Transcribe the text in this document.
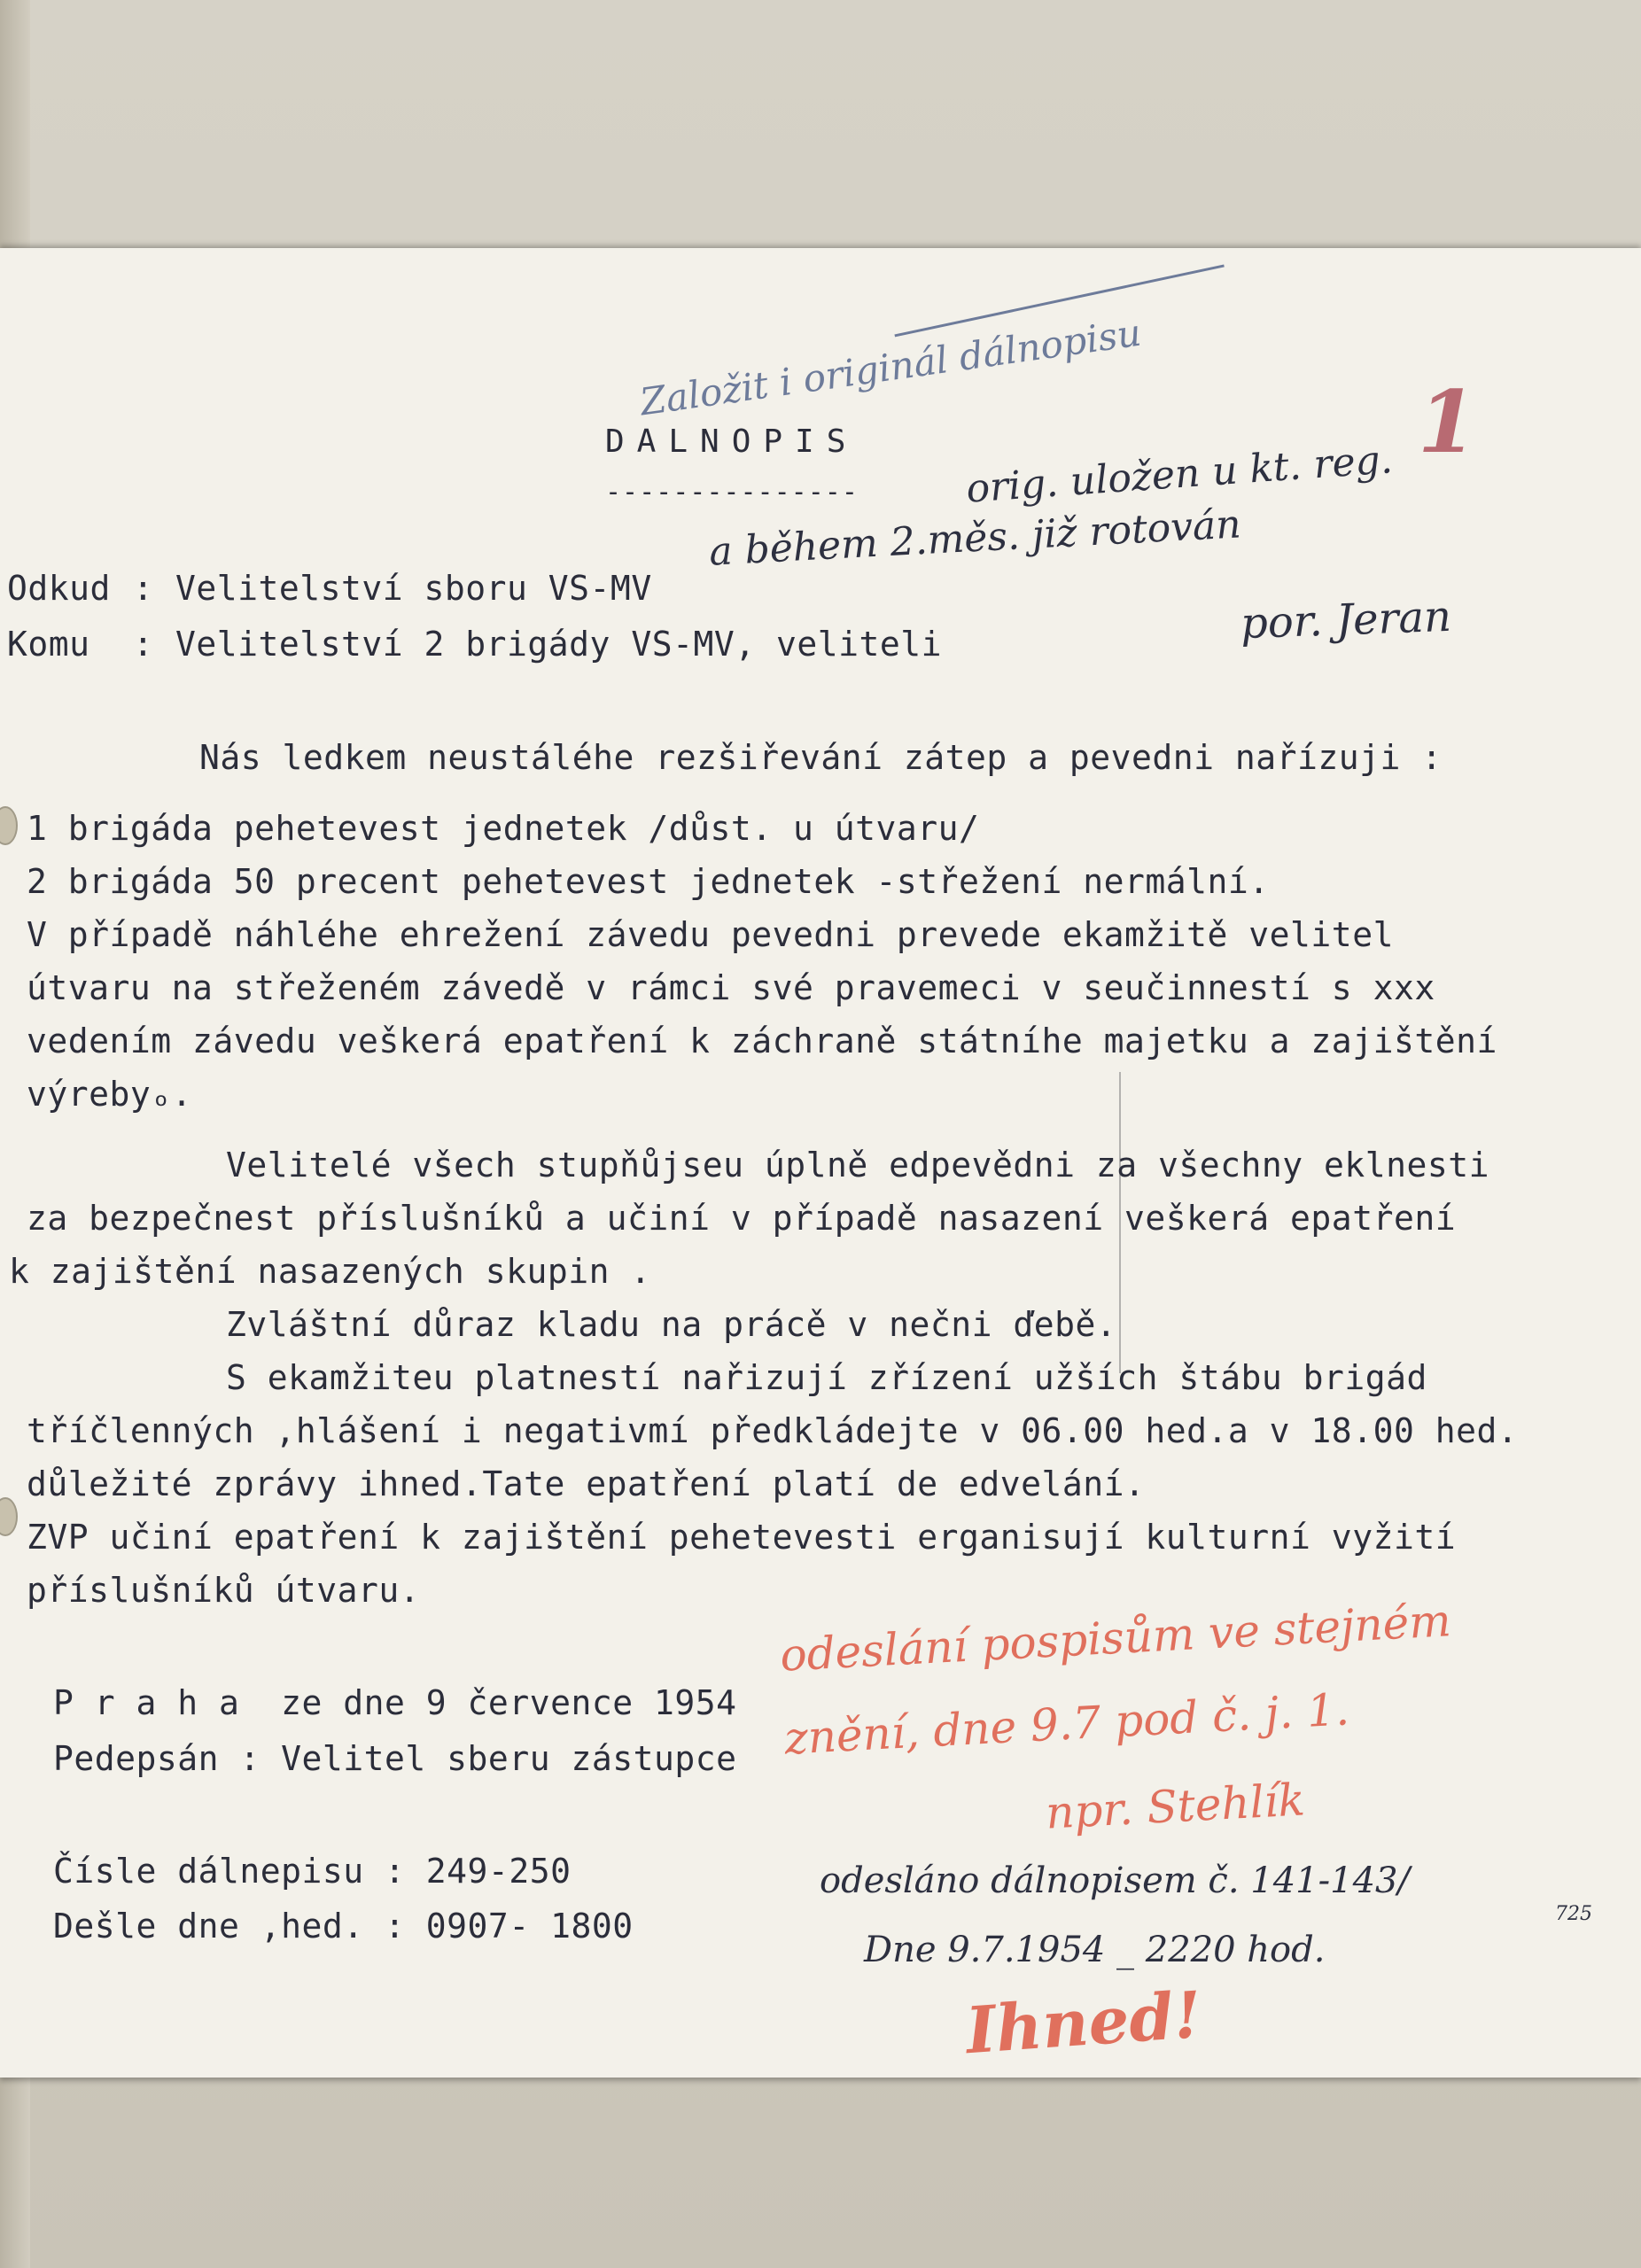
Založit i originál dálnopisu	1
orig. uložen u kt. reg.
a během 2.měs. již rotován
por. Jeran
DALNOPIS
---------------
Odkud : Velitelství sboru VS-MV
Komu : Velitelství 2 brigády VS-MV, veliteli
Nás ledkem neustáléhe rezšiřevání zátep a pevedni nařízuji :
1 brigáda pehetevest jednetek /důst. u útvaru/
2 brigáda 50 precent pehetevest jednetek -střežení nermální.
V případě náhléhe ehrežení závedu pevedni prevede ekamžitě velitel
útvaru na střeženém závedě v rámci své pravemeci v seučinnestí s xxx
vedením závedu veškerá epatření k záchraně státníhe majetku a zajištění
výrebyₒ.
Velitelé všech stupňůjseu úplně edpevědni za všechny eklnesti
za bezpečnest příslušníků a učiní v případě nasazení veškerá epatření
k zajištění nasazených skupin .
Zvláštní důraz kladu na prácě v nečni ďebě.
S ekamžiteu platnestí nařizují zřízení užších štábu brigád
tříčlenných ,hlášení i negativmí předkládejte v 06.00 hed.a v 18.00 hed.
důležité zprávy ihned.Tate epatření platí de edvelání.
ZVP učiní epatření k zajištění pehetevesti erganisují kulturní vyžití
příslušníků útvaru.
P r a h a  ze dne 9 července 1954
Pedepsán : Velitel sberu zástupce
Čísle dálnepisu : 249-250
Dešle dne ,hed. : 0907- 1800
odeslání pospisům ve stejném
znění, dne 9.7 pod č. j. 1.
npr. Stehlík
odesláno dálnopisem č. 141-143/
725
Dne 9.7.1954 _ 2220 hod.
Ihned!
